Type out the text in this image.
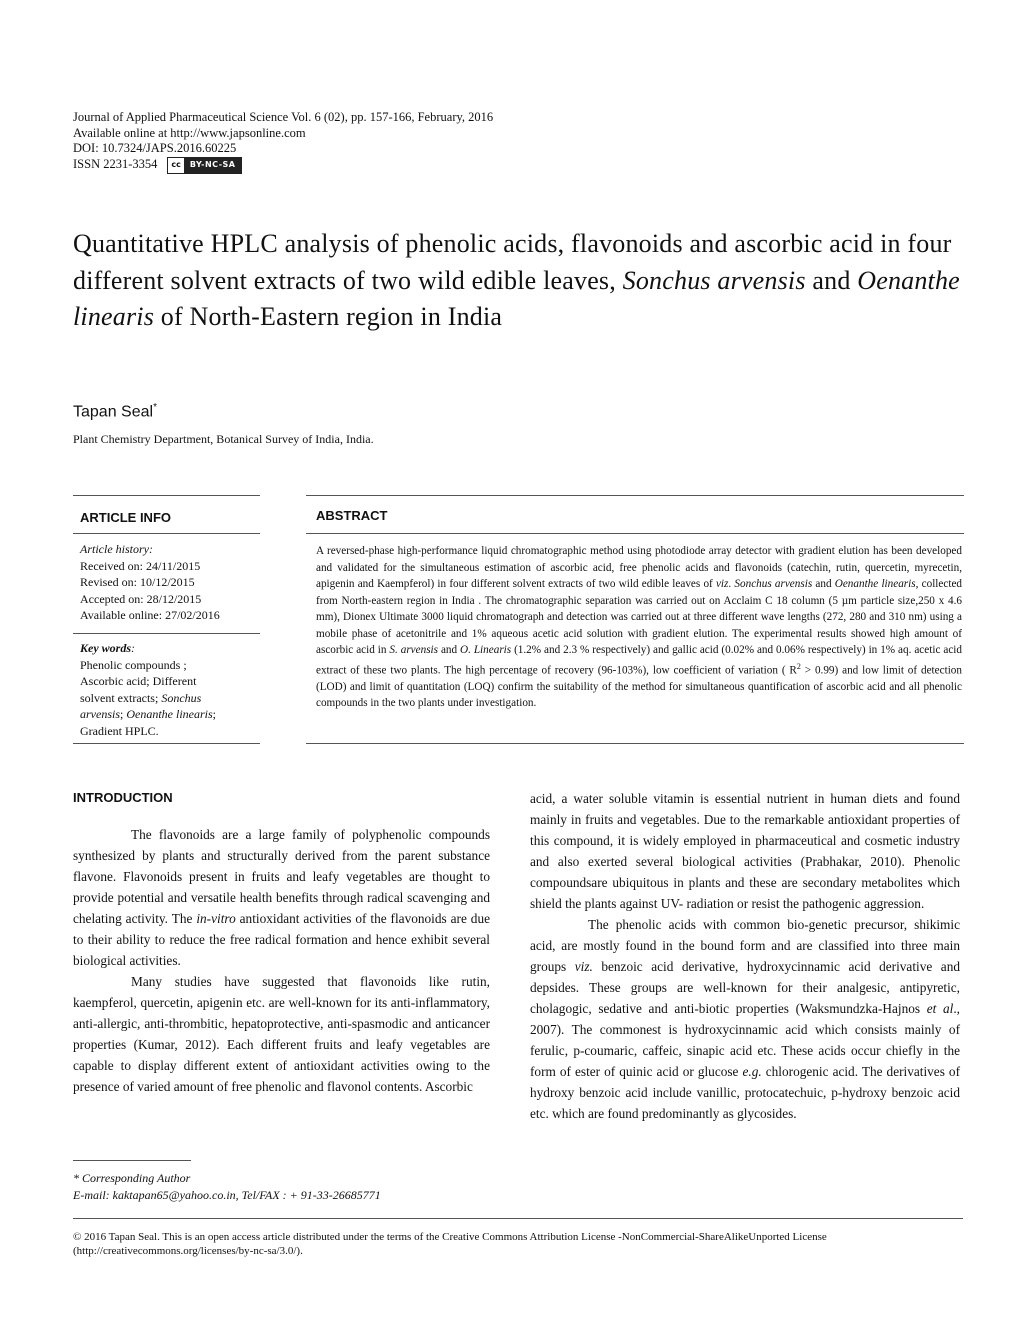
Journal of Applied Pharmaceutical Science Vol. 6 (02), pp. 157-166, February, 2016
Available online at http://www.japsonline.com
DOI: 10.7324/JAPS.2016.60225
ISSN 2231-3354	cc	BY-NC-SA
Quantitative HPLC analysis of phenolic acids, flavonoids and ascorbic acid in four different solvent extracts of two wild edible leaves, Sonchus arvensis and Oenanthe linearis of North-Eastern region in India
Tapan Seal*
Plant Chemistry Department, Botanical Survey of India, India.
ARTICLE INFO	ABSTRACT
Article history:
Received on: 24/11/2015
Revised on: 10/12/2015
Accepted on: 28/12/2015
Available online: 27/02/2016
Key words:
Phenolic compounds ;
Ascorbic acid; Different
solvent extracts; Sonchus
arvensis; Oenanthe linearis;
Gradient HPLC.
A reversed-phase high-performance liquid chromatographic method using photodiode array detector with gradient elution has been developed and validated for the simultaneous estimation of ascorbic acid, free phenolic acids and flavonoids (catechin, rutin, quercetin, myrecetin, apigenin and Kaempferol) in four different solvent extracts of two wild edible leaves of viz. Sonchus arvensis and Oenanthe linearis, collected from North-eastern region in India . The chromatographic separation was carried out on Acclaim C 18 column (5 µm particle size,250 x 4.6 mm), Dionex Ultimate 3000 liquid chromatograph and detection was carried out at three different wave lengths (272, 280 and 310 nm) using a mobile phase of acetonitrile and 1% aqueous acetic acid solution with gradient elution. The experimental results showed high amount of ascorbic acid in S. arvensis and O. Linearis (1.2% and 2.3 % respectively) and gallic acid (0.02% and 0.06% respectively) in 1% aq. acetic acid extract of these two plants. The high percentage of recovery (96-103%), low coefficient of variation ( $R^2 > 0.99$) and low limit of detection (LOD) and limit of quantitation (LOQ) confirm the suitability of the method for simultaneous quantification of ascorbic acid and all phenolic compounds in the two plants under investigation.
INTRODUCTION

The flavonoids are a large family of polyphenolic compounds synthesized by plants and structurally derived from the parent substance flavone. Flavonoids present in fruits and leafy vegetables are thought to provide potential and versatile health benefits through radical scavenging and chelating activity. The in-vitro antioxidant activities of the flavonoids are due to their ability to reduce the free radical formation and hence exhibit several biological activities.

Many studies have suggested that flavonoids like rutin, kaempferol, quercetin, apigenin etc. are well-known for its anti-inflammatory, anti-allergic, anti-thrombitic, hepatoprotective, anti-spasmodic and anticancer properties (Kumar, 2012). Each different fruits and leafy vegetables are capable to display different extent of antioxidant activities owing to the presence of varied amount of free phenolic and flavonol contents. Ascorbic

acid, a water soluble vitamin is essential nutrient in human diets and found mainly in fruits and vegetables. Due to the remarkable antioxidant properties of this compound, it is widely employed in pharmaceutical and cosmetic industry and also exerted several biological activities (Prabhakar, 2010). Phenolic compoundsare ubiquitous in plants and these are secondary metabolites which shield the plants against UV- radiation or resist the pathogenic aggression.

The phenolic acids with common bio-genetic precursor, shikimic acid, are mostly found in the bound form and are classified into three main groups viz. benzoic acid derivative, hydroxycinnamic acid derivative and depsides. These groups are well-known for their analgesic, antipyretic, cholagogic, sedative and anti-biotic properties (Waksmundzka-Hajnos et al., 2007). The commonest is hydroxycinnamic acid which consists mainly of ferulic, p-coumaric, caffeic, sinapic acid etc. These acids occur chiefly in the form of ester of quinic acid or glucose e.g. chlorogenic acid. The derivatives of hydroxy benzoic acid include vanillic, protocatechuic, p-hydroxy benzoic acid etc. which are found predominantly as glycosides.

* Corresponding Author
E-mail: kaktapan65@yahoo.co.in, Tel/FAX : + 91-33-26685771
© 2016 Tapan Seal. This is an open access article distributed under the terms of the Creative Commons Attribution License -NonCommercial-ShareAlikeUnported License (http://creativecommons.org/licenses/by-nc-sa/3.0/).
